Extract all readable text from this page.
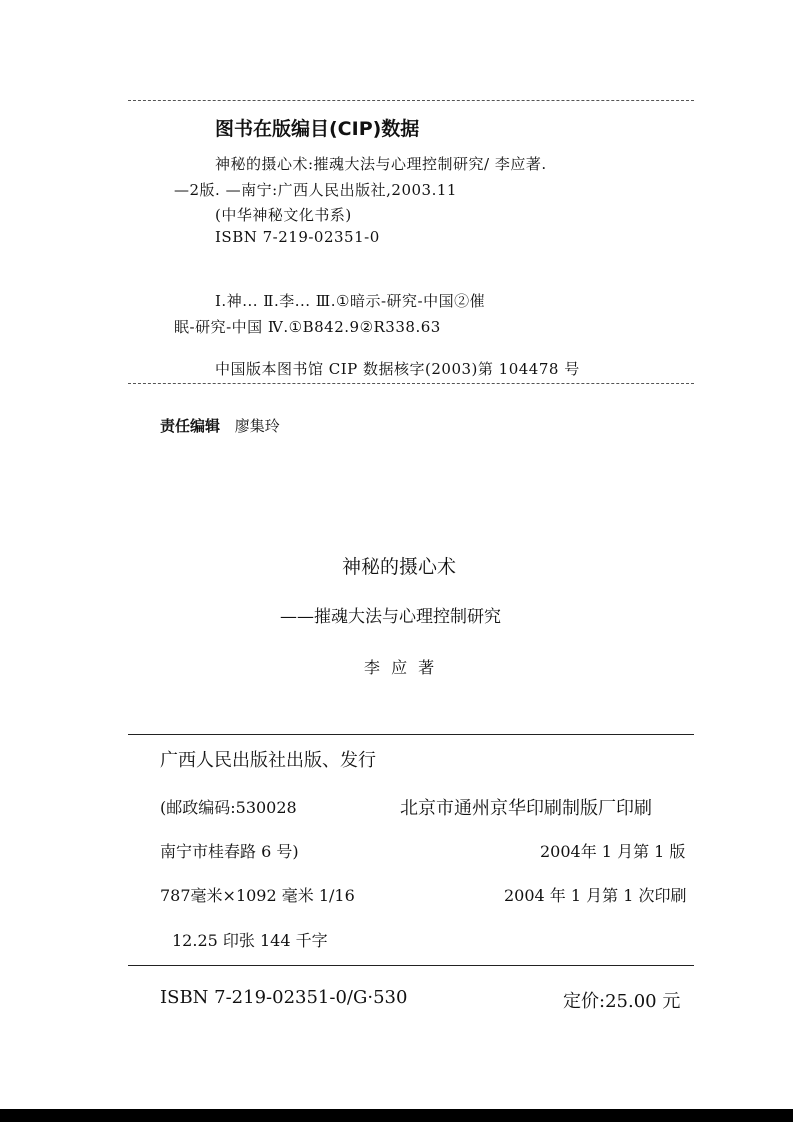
图书在版编目(CIP)数据
神秘的摄心术:摧魂大法与心理控制研究/ 李应著.
—2版. —南宁:广西人民出版社,2003.11
(中华神秘文化书系)
ISBN 7-219-02351-0
Ⅰ.神... Ⅱ.李... Ⅲ.①暗示-研究-中国②催
眠-研究-中国 Ⅳ.①B842.9②R338.63
中国版本图书馆 CIP 数据核字(2003)第 104478 号
责任编辑 廖集玲
神秘的摄心术
——摧魂大法与心理控制研究
李 应 著
广西人民出版社出版、发行
(邮政编码:530028	北京市通州京华印刷制版厂印刷
南宁市桂春路 6 号)	2004年 1 月第 1 版
787毫米×1092 毫米 1/16	2004 年 1 月第 1 次印刷
12.25 印张 144 千字
ISBN 7-219-02351-0/G·530	定价:25.00 元
